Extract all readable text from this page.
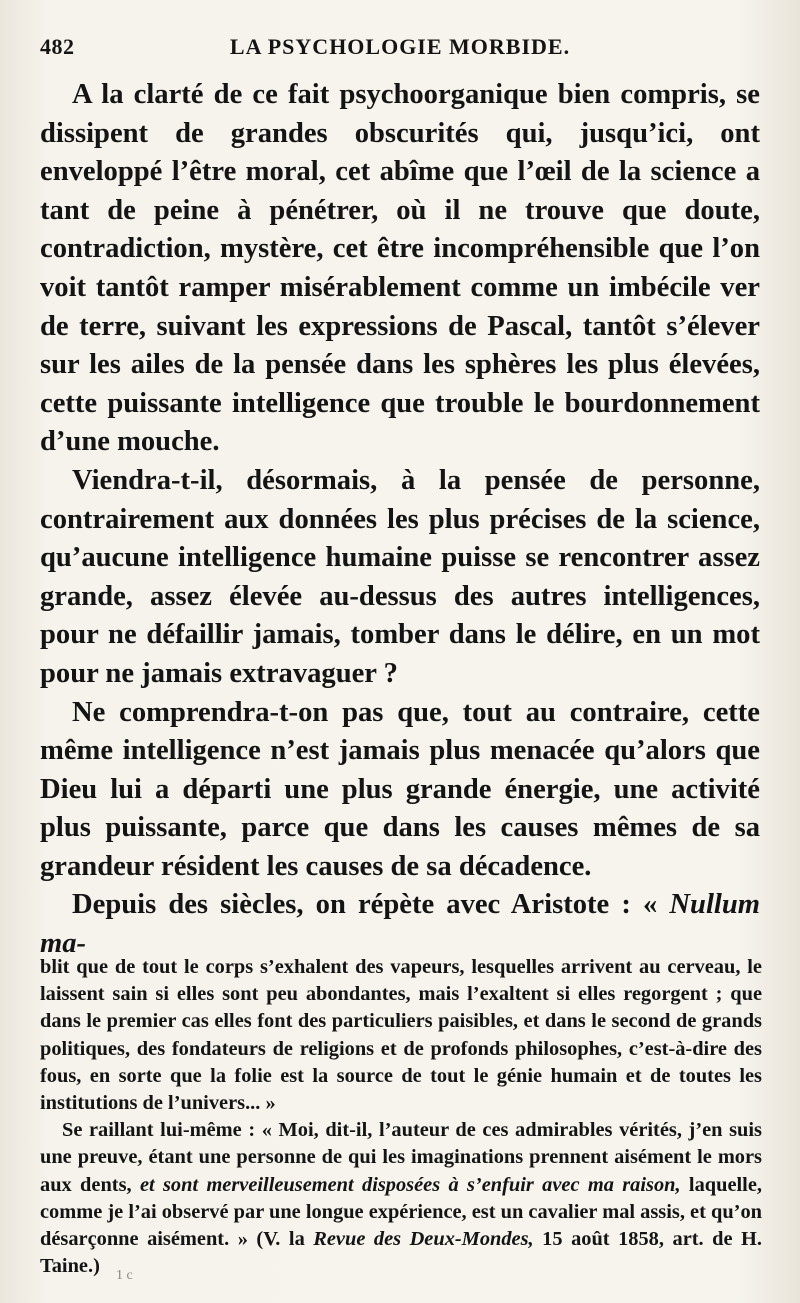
482	LA PSYCHOLOGIE MORBIDE.

A la clarté de ce fait psychoorganique bien compris, se dissipent de grandes obscurités qui, jusqu’ici, ont enveloppé l’être moral, cet abîme que l’œil de la science a tant de peine à pénétrer, où il ne trouve que doute, contradiction, mystère, cet être incompréhensible que l’on voit tantôt ramper misérablement comme un imbécile ver de terre, suivant les expressions de Pascal, tantôt s’élever sur les ailes de la pensée dans les sphères les plus élevées, cette puissante intelligence que trouble le bourdonnement d’une mouche.

Viendra-t-il, désormais, à la pensée de personne, contrairement aux données les plus précises de la science, qu’aucune intelligence humaine puisse se rencontrer assez grande, assez élevée au-dessus des autres intelligences, pour ne défaillir jamais, tomber dans le délire, en un mot pour ne jamais extravaguer ?

Ne comprendra-t-on pas que, tout au contraire, cette même intelligence n’est jamais plus menacée qu’alors que Dieu lui a départi une plus grande énergie, une activité plus puissante, parce que dans les causes mêmes de sa grandeur résident les causes de sa décadence.

Depuis des siècles, on répète avec Aristote : « Nullum ma-

blit que de tout le corps s’exhalent des vapeurs, lesquelles arrivent au cerveau, le laissent sain si elles sont peu abondantes, mais l’exaltent si elles regorgent ; que dans le premier cas elles font des particuliers paisibles, et dans le second de grands politiques, des fondateurs de religions et de profonds philosophes, c’est-à-dire des fous, en sorte que la folie est la source de tout le génie humain et de toutes les institutions de l’univers... »

Se raillant lui-même : « Moi, dit-il, l’auteur de ces admirables vérités, j’en suis une preuve, étant une personne de qui les imaginations prennent aisément le mors aux dents, et sont merveilleusement disposées à s’enfuir avec ma raison, laquelle, comme je l’ai observé par une longue expérience, est un cavalier mal assis, et qu’on désarçonne aisément. » (V. la Revue des Deux-Mondes, 15 août 1858, art. de H. Taine.)	1 c
